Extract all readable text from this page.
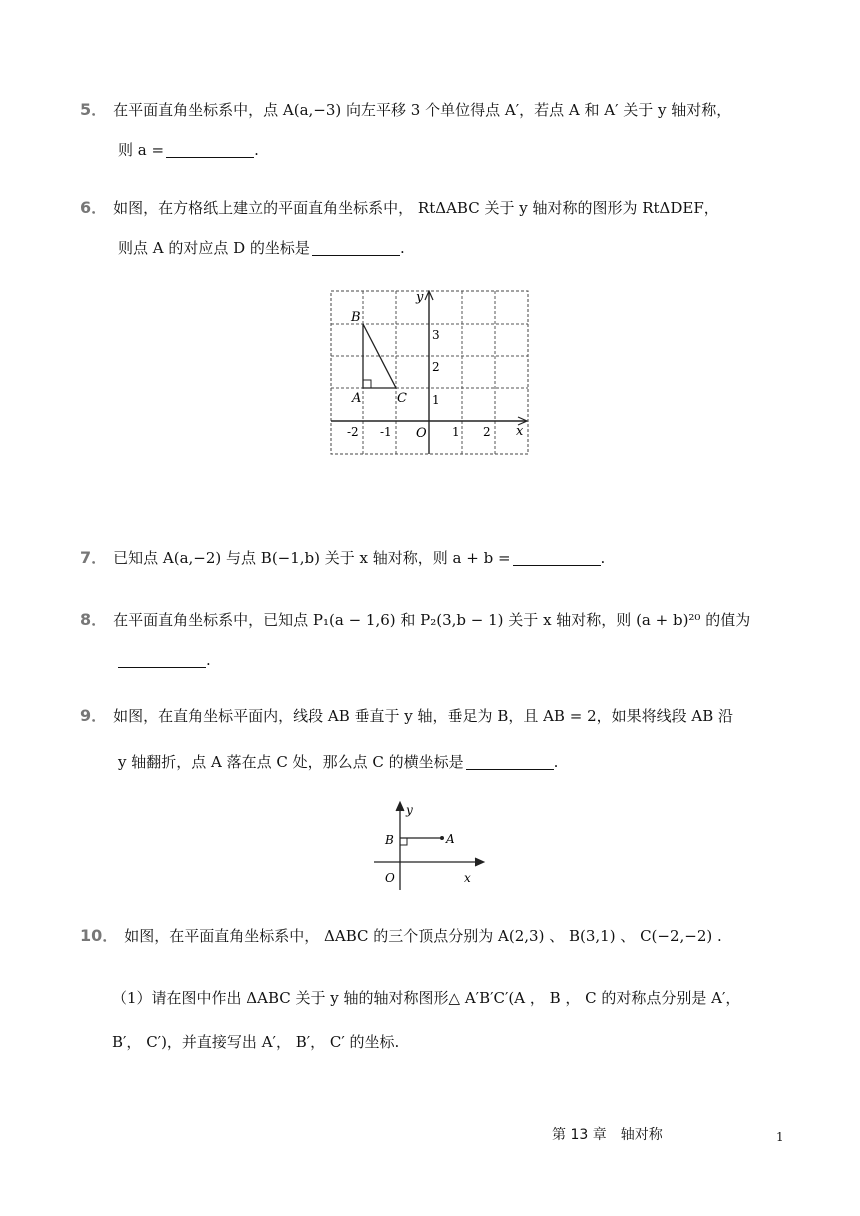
5． 在平面直角坐标系中，点 A(a,−3) 向左平移 3 个单位得点 A′，若点 A 和 A′ 关于 y 轴对称，
则 a =	.
6． 如图，在方格纸上建立的平面直角坐标系中， RtΔABC 关于 y 轴对称的图形为 RtΔDEF，
则点 A 的对应点 D 的坐标是	.
y
x
O
B
A	C
-2 -1	1 2
1
2
3
7． 已知点 A(a,−2) 与点 B(−1,b) 关于 x 轴对称，则 a + b =	.
8． 在平面直角坐标系中，已知点 P₁(a − 1,6) 和 P₂(3,b − 1) 关于 x 轴对称，则 (a + b)²⁰ 的值为
.
9． 如图，在直角坐标平面内，线段 AB 垂直于 y 轴，垂足为 B，且 AB = 2，如果将线段 AB 沿
y 轴翻折，点 A 落在点 C 处，那么点 C 的横坐标是	.
y
x
O
B	A
10． 如图，在平面直角坐标系中， ΔABC 的三个顶点分别为 A(2,3) 、 B(3,1) 、 C(−2,−2) .
（1）请在图中作出 ΔABC 关于 y 轴的轴对称图形△ A′B′C′(A ， B ， C 的对称点分别是 A′，
B′， C′)，并直接写出 A′， B′， C′ 的坐标.
第 13 章　轴对称	1
